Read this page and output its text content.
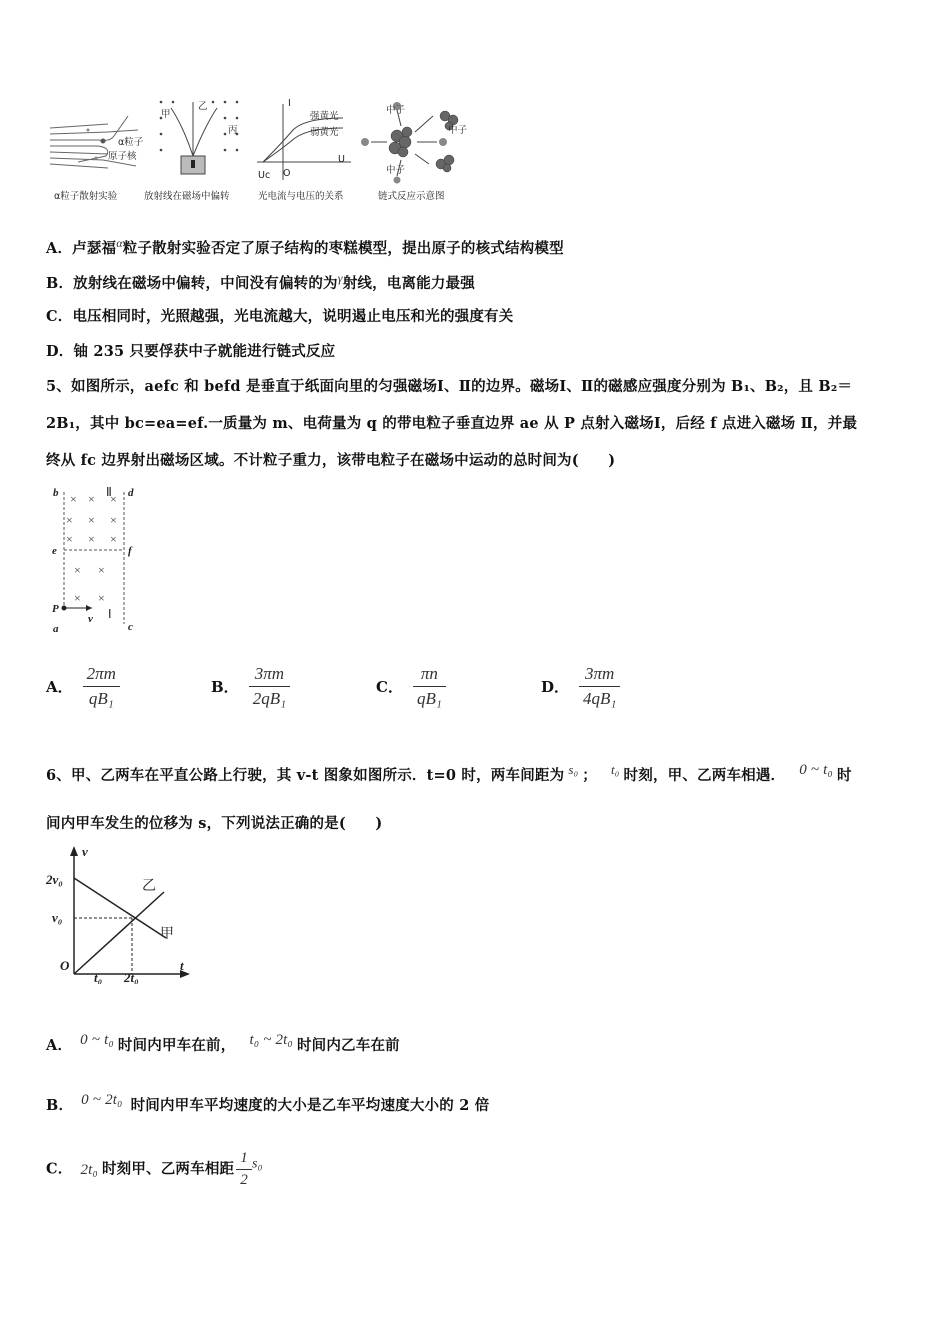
α粒子
原子核
甲
乙
丙
I
强黄光
弱黄光
U
Uc O
中子
中子
中子
α粒子散射实验	放射线在磁场中偏转	光电流与电压的关系	链式反应示意图
A．卢瑟福$^\alpha$粒子散射实验否定了原子结构的枣糕模型，提出原子的核式结构模型
B．放射线在磁场中偏转，中间没有偏转的为$^\gamma$射线，电离能力最强
C．电压相同时，光照越强，光电流越大，说明遏止电压和光的强度有关
D．铀 235 只要俘获中子就能进行链式反应
5、如图所示，aefc 和 befd 是垂直于纸面向里的匀强磁场Ⅰ、Ⅱ的边界。磁场Ⅰ、Ⅱ的磁感应强度分别为 B₁、B₂，且 B₂＝
2B₁，其中 bc=ea=ef.一质量为 m、电荷量为 q 的带电粒子垂直边界 ae 从 P 点射入磁场Ⅰ，后经 f 点进入磁场 Ⅱ，并最
终从 fc 边界射出磁场区域。不计粒子重力，该带电粒子在磁场中运动的总时间为(　　)
× × ×
× × ×
× × ×
× ×
× ×
b	d
e	f
P
a	c
v
Ⅱ
Ⅰ
A． $\frac{2\pi m}{\text{qB₁}}$	B． $\frac{3\pi m}{\text{2qB₁}}$	C． $\frac{\pi n}{\text{qB₁}}$	D． $\frac{3\pi m}{\text{4qB₁}}$
6、甲、乙两车在平直公路上行驶，其 v-t 图象如图所示．t=0 时，两车间距为 s₀ ； t₀ 时刻，甲、乙两车相遇． 0 ~ t₀ 时
间内甲车发生的位移为 s，下列说法正确的是(　　)
v
t
O
2v₀
v₀
t₀ 2t₀
乙
甲
A． 0 ~ t₀ 时间内甲车在前， t₀ ~ 2t₀ 时间内乙车在前
B． 0 ~ 2t₀ 时间内甲车平均速度的大小是乙车平均速度大小的 2 倍
C． 2t₀ 时刻甲、乙两车相距 $\frac{1}{2} s_0$
